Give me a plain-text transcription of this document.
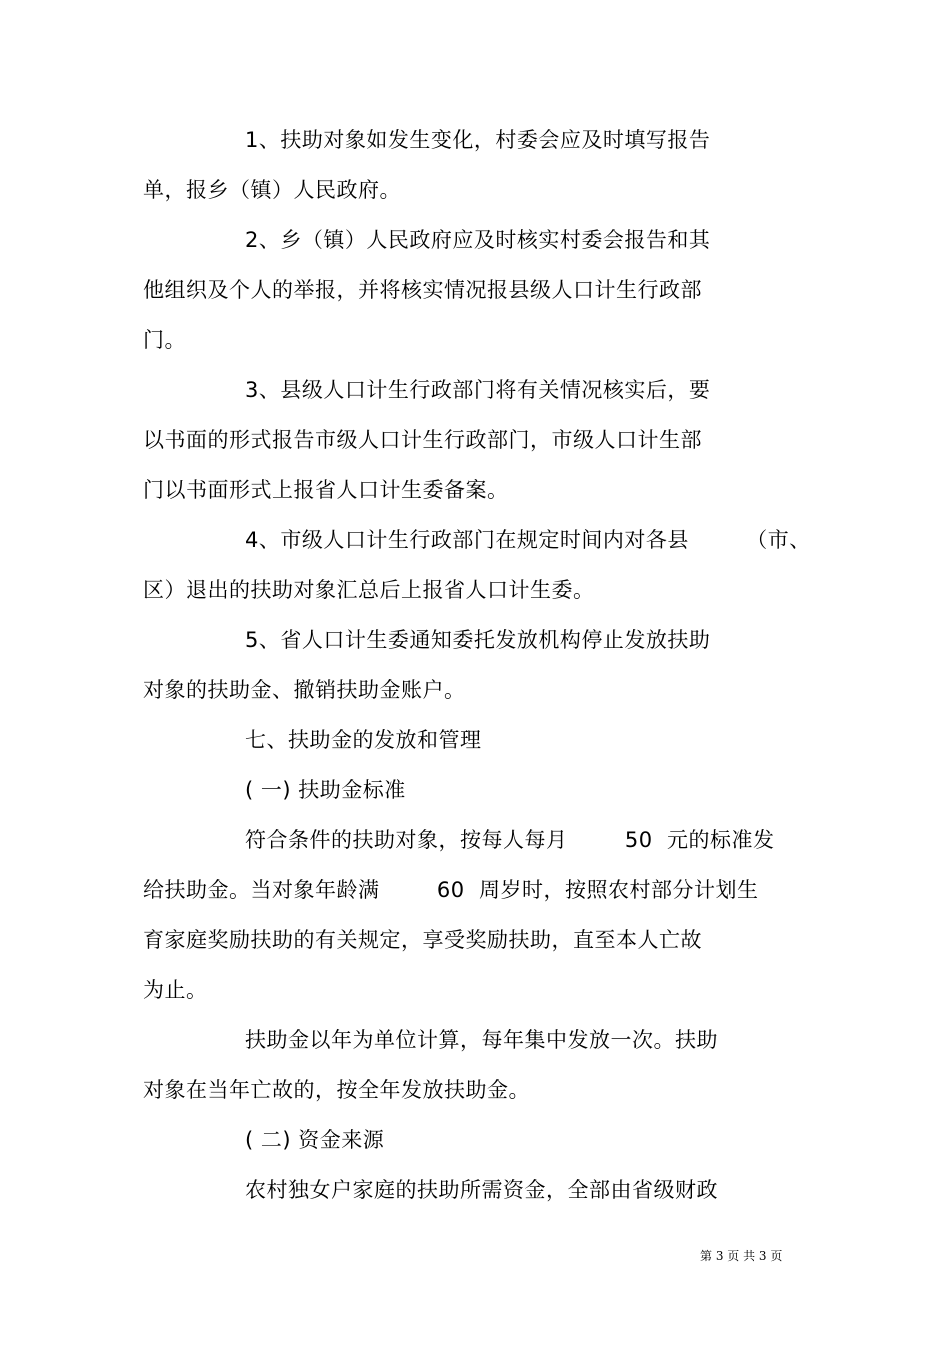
1、扶助对象如发生变化，村委会应及时填写报告
单，报乡（镇）人民政府。
2、乡（镇）人民政府应及时核实村委会报告和其
他组织及个人的举报，并将核实情况报县级人口计生行政部
门。
3、县级人口计生行政部门将有关情况核实后，要
以书面的形式报告市级人口计生行政部门，市级人口计生部
门以书面形式上报省人口计生委备案。
4、市级人口计生行政部门在规定时间内对各县        （市、
区）退出的扶助对象汇总后上报省人口计生委。
5、省人口计生委通知委托发放机构停止发放扶助
对象的扶助金、撤销扶助金账户。
七、扶助金的发放和管理
( 一) 扶助金标准
符合条件的扶助对象，按每人每月        50  元的标准发
给扶助金。当对象年龄满        60  周岁时，按照农村部分计划生
育家庭奖励扶助的有关规定，享受奖励扶助，直至本人亡故
为止。
扶助金以年为单位计算，每年集中发放一次。扶助
对象在当年亡故的，按全年发放扶助金。
( 二) 资金来源
农村独女户家庭的扶助所需资金，全部由省级财政
第 3 页 共 3 页
